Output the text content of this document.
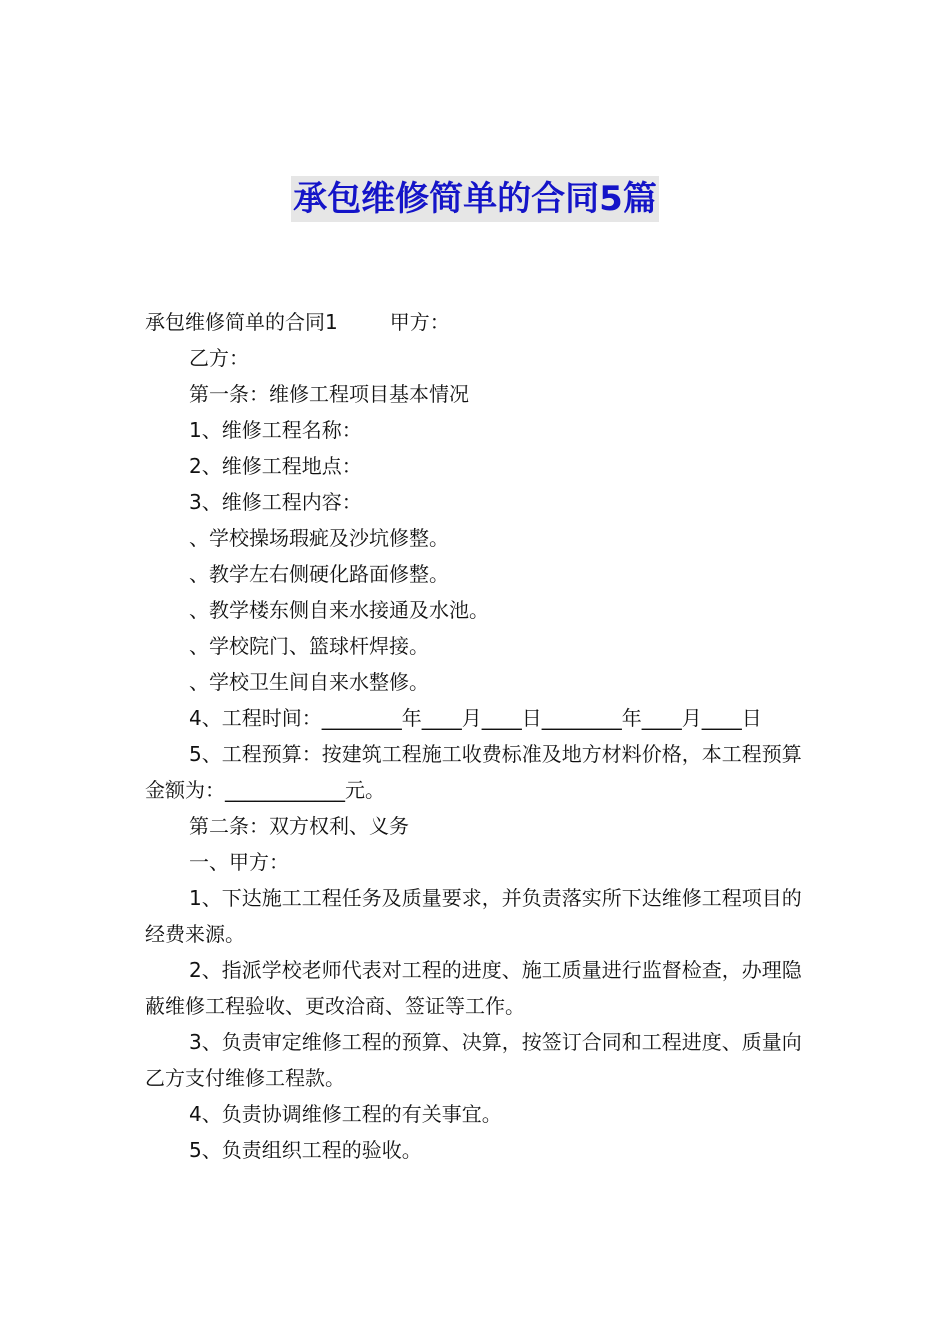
承包维修简单的合同5篇

承包维修简单的合同1	甲方：

乙方：

第一条：维修工程项目基本情况

1、维修工程名称：

2、维修工程地点：

3、维修工程内容：

、学校操场瑕疵及沙坑修整。

、教学左右侧硬化路面修整。

、教学楼东侧自来水接通及水池。

、学校院门、篮球杆焊接。

、学校卫生间自来水整修。

4、工程时间：________年____月____日________年____月____日

5、工程预算：按建筑工程施工收费标准及地方材料价格，本工程预算金额为：____________元。

第二条：双方权利、义务

一、甲方：

1、下达施工工程任务及质量要求，并负责落实所下达维修工程项目的经费来源。

2、指派学校老师代表对工程的进度、施工质量进行监督检查，办理隐蔽维修工程验收、更改洽商、签证等工作。

3、负责审定维修工程的预算、决算，按签订合同和工程进度、质量向乙方支付维修工程款。

4、负责协调维修工程的有关事宜。

5、负责组织工程的验收。
